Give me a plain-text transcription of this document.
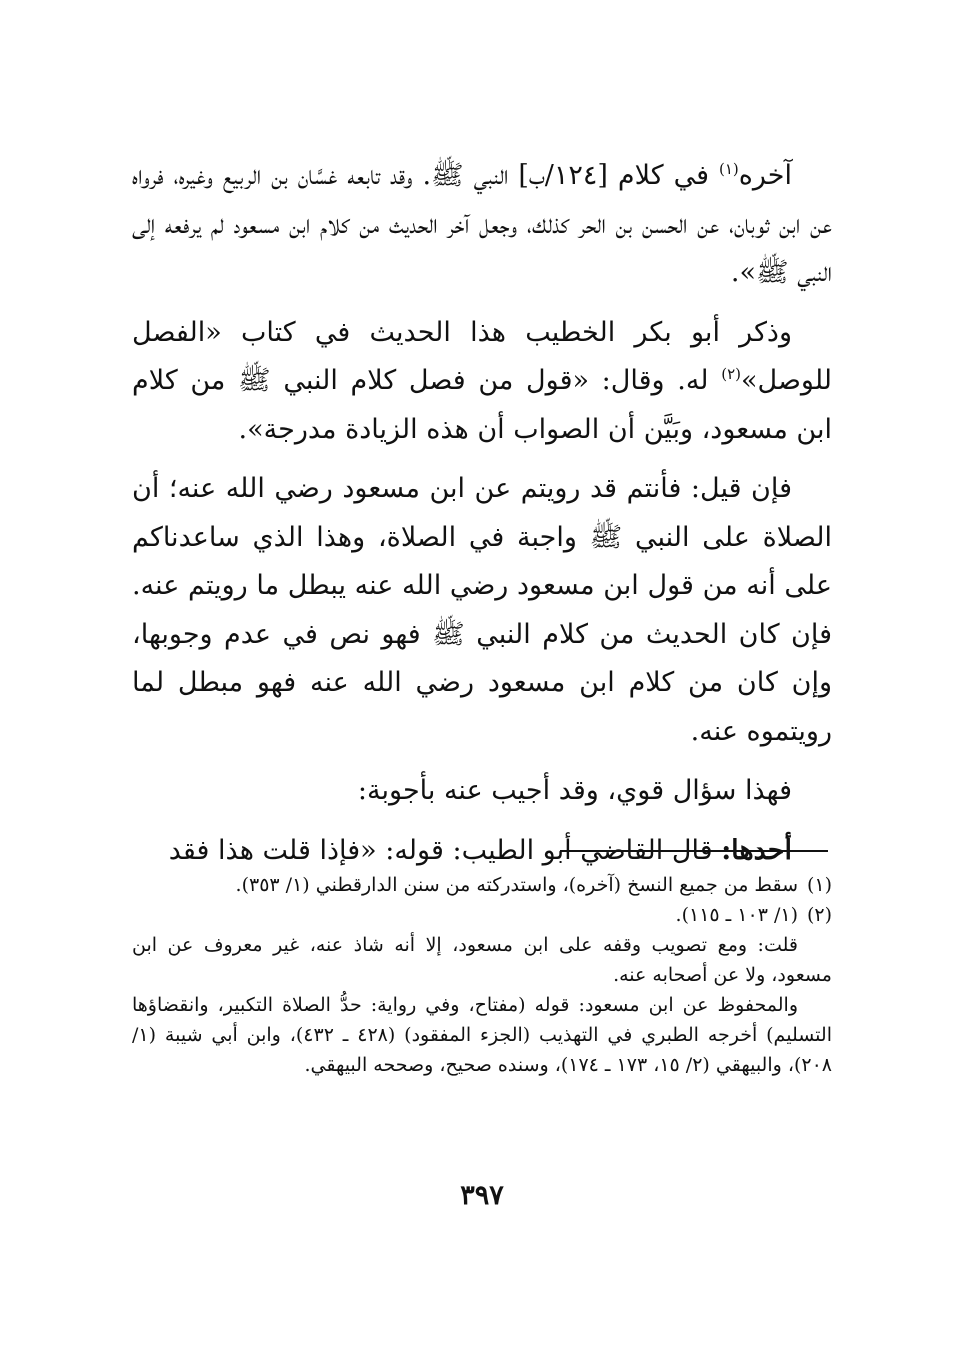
آخره$^{(١)}$ في كلام [١٢٤/ب] النبي ﷺ. وقد تابعه غسَّان بن الربيع وغيره، فرواه عن ابن ثوبان، عن الحسن بن الحر كذلك، وجعل آخر الحديث من كلام ابن مسعود لم يرفعه إلى النبي ﷺ».

وذكر أبو بكر الخطيب هذا الحديث في كتاب «الفصل للوصل»$^{(٢)}$ له. وقال: «قول من فصل كلام النبي ﷺ من كلام ابن مسعود، وبَيَّن أن الصواب أن هذه الزيادة مدرجة».

فإن قيل: فأنتم قد رويتم عن ابن مسعود رضي الله عنه؛ أن الصلاة على النبي ﷺ واجبة في الصلاة، وهذا الذي ساعدناكم على أنه من قول ابن مسعود رضي الله عنه يبطل ما رويتم عنه. فإن كان الحديث من كلام النبي ﷺ فهو نص في عدم وجوبها، وإن كان من كلام ابن مسعود رضي الله عنه فهو مبطل لما رويتموه عنه.

فهذا سؤال قوي، وقد أجيب عنه بأجوبة:

أحدها: قال القاضي أبو الطيب: قوله: «فإذا قلت هذا فقد

(١)سقط من جميع النسخ (آخره)، واستدركته من سنن الدارقطني (١/ ٣٥٣).

(٢)(١/ ١٠٣ ـ ١١٥).

قلت: ومع تصويب وقفه على ابن مسعود، إلا أنه شاذ عنه، غير معروف عن ابن مسعود، ولا عن أصحابه عنه.

والمحفوظ عن ابن مسعود: قوله (مفتاح، وفي رواية: حدُّ الصلاة التكبير، وانقضاؤها التسليم) أخرجه الطبري في التهذيب (الجزء المفقود) (٤٢٨ ـ ٤٣٢)، وابن أبي شيبة (١/ ٢٠٨)، والبيهقي (٢/ ١٥، ١٧٣ ـ ١٧٤)، وسنده صحيح، وصححه البيهقي.

٣٩٧
